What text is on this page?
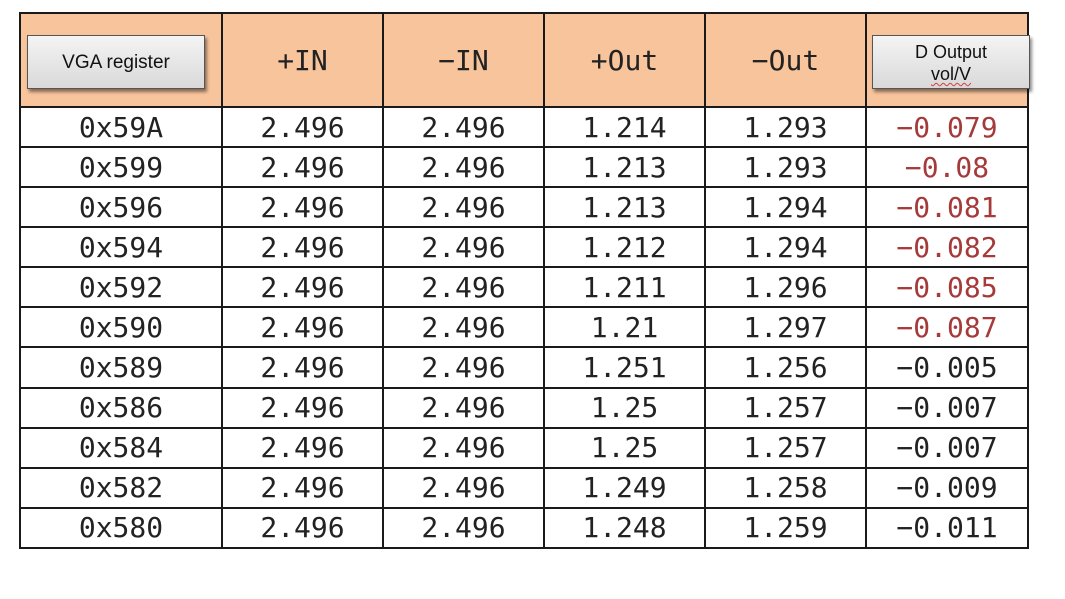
VGA register	+IN	−IN	+Out	−Out	D Output
vol/V

0x59A	2.496	2.496	1.214	1.293	−0.079
0x599	2.496	2.496	1.213	1.293	−0.08
0x596	2.496	2.496	1.213	1.294	−0.081
0x594	2.496	2.496	1.212	1.294	−0.082
0x592	2.496	2.496	1.211	1.296	−0.085
0x590	2.496	2.496	1.21	1.297	−0.087
0x589	2.496	2.496	1.251	1.256	−0.005
0x586	2.496	2.496	1.25	1.257	−0.007
0x584	2.496	2.496	1.25	1.257	−0.007
0x582	2.496	2.496	1.249	1.258	−0.009
0x580	2.496	2.496	1.248	1.259	−0.011
